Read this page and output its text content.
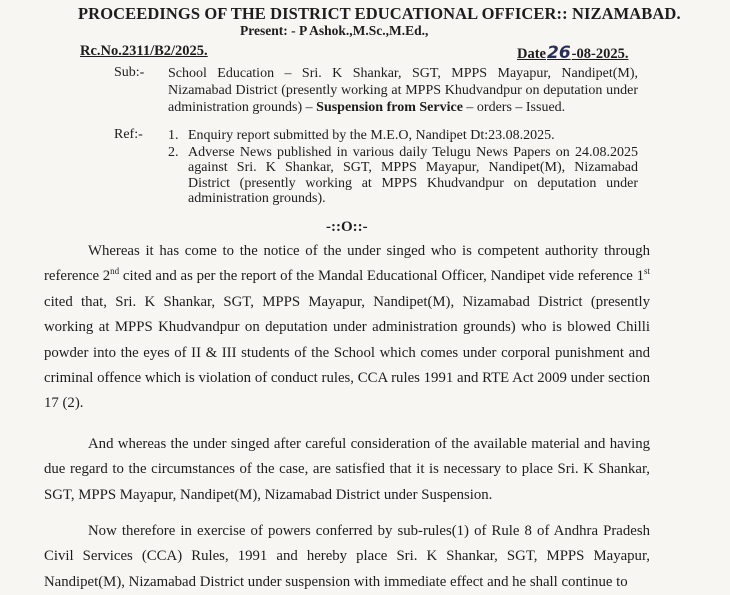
PROCEEDINGS OF THE DISTRICT EDUCATIONAL OFFICER:: NIZAMABAD.
Present: - P Ashok.,M.Sc.,M.Ed.,
Rc.No.2311/B2/2025.	Date26-08-2025.
Sub:- School Education – Sri. K Shankar, SGT, MPPS Mayapur, Nandipet(M), Nizamabad District (presently working at MPPS Khudvandpur on deputation under administration grounds) – Suspension from Service – orders – Issued.
Ref:- 1. Enquiry report submitted by the M.E.O, Nandipet Dt:23.08.2025.
2. Adverse News published in various daily Telugu News Papers on 24.08.2025 against Sri. K Shankar, SGT, MPPS Mayapur, Nandipet(M), Nizamabad District (presently working at MPPS Khudvandpur on deputation under administration grounds).
-::O::-
Whereas it has come to the notice of the under singed who is competent authority through reference 2nd cited and as per the report of the Mandal Educational Officer, Nandipet vide reference 1st cited that, Sri. K Shankar, SGT, MPPS Mayapur, Nandipet(M), Nizamabad District (presently working at MPPS Khudvandpur on deputation under administration grounds) who is blowed Chilli powder into the eyes of II & III students of the School which comes under corporal punishment and criminal offence which is violation of conduct rules, CCA rules 1991 and RTE Act 2009 under section 17 (2).
And whereas the under singed after careful consideration of the available material and having due regard to the circumstances of the case, are satisfied that it is necessary to place Sri. K Shankar, SGT, MPPS Mayapur, Nandipet(M), Nizamabad District under Suspension.
Now therefore in exercise of powers conferred by sub-rules(1) of Rule 8 of Andhra Pradesh Civil Services (CCA) Rules, 1991 and hereby place Sri. K Shankar, SGT, MPPS Mayapur, Nandipet(M), Nizamabad District under suspension with immediate effect and he shall continue to
